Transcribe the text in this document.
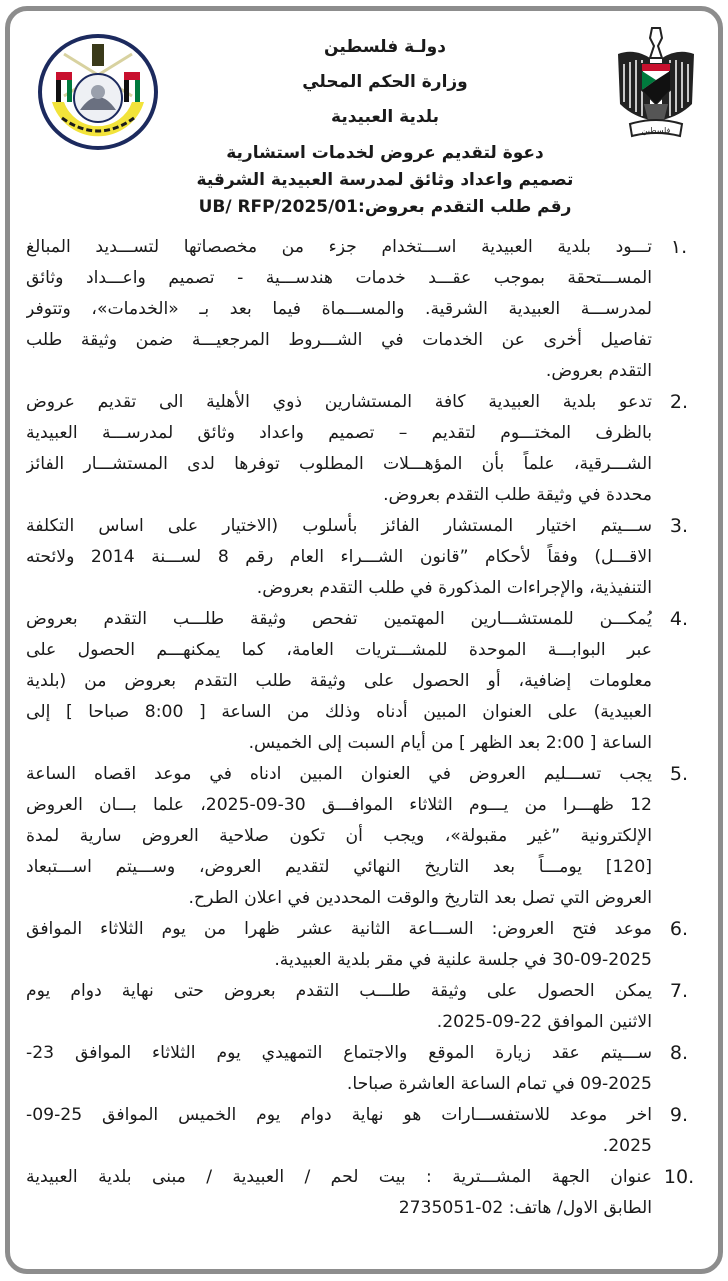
دولـة فلسطين
وزارة الحكم المحلي
بلدية العبيدية
فلسطين
دعوة لتقديم عروض لخدمات استشارية
تصميم واعداد وثائق لمدرسة العبيدية الشرقية
رقم طلب التقدم بعروض:UB/ RFP/2025/01
١.
تـــود بلدية العبيدية اســـتخدام جزء من مخصصاتها لتســـديد المبالغ
المســـتحقة بموجب عقـــد خدمات هندســـية - تصميم واعـــداد وثائق
لمدرســـة العبيدية الشرقية. والمســـماة فيما بعد بـ «الخدمات»، وتتوفر
تفاصيل أخرى عن الخدمات في الشـــروط المرجعيـــة ضمن وثيقة طلب
التقدم بعروض.
2.
تدعو بلدية العبيدية كافة المستشارين ذوي الأهلية الى تقديم عروض
بالظرف المختـــوم لتقديم – تصميم واعداد وثائق لمدرســـة العبيدية
الشـــرقية، علماً بأن المؤهـــلات المطلوب توفرها لدى المستشـــار الفائز
محددة في وثيقة طلب التقدم بعروض.
3.
ســـيتم اختيار المستشار الفائز بأسلوب (الاختيار على اساس التكلفة
الاقـــل) وفقاً لأحكام ”قانون الشـــراء العام رقم 8 لســـنة 2014 ولائحته
التنفيذية، والإجراءات المذكورة في طلب التقدم بعروض.
4.
يُمكـــن للمستشـــارين المهتمين تفحص وثيقة طلـــب التقدم بعروض
عبر البوابـــة الموحدة للمشـــتريات العامة، كما يمكنهـــم الحصول على
معلومات إضافية، أو الحصول على وثيقة طلب التقدم بعروض من (بلدية
العبيدية) على العنوان المبين أدناه وذلك من الساعة [ 8:00 صباحا ] إلى
الساعة [ 2:00 بعد الظهر ] من أيام السبت إلى الخميس.
5.
يجب تســـليم العروض في العنوان المبين ادناه في موعد اقصاه الساعة
12 ظهـــرا من يـــوم الثلاثاء الموافـــق 30-09-2025، علما بـــان العروض
الإلكترونية ”غير مقبولة»، ويجب أن تكون صلاحية العروض سارية لمدة
[120] يومـــاً بعد التاريخ النهائي لتقديم العروض، وســـيتم اســـتبعاد
العروض التي تصل بعد التاريخ والوقت المحددين في اعلان الطرح.
6.
موعد فتح العروض: الســـاعة الثانية عشر ظهرا من يوم الثلاثاء الموافق
30-09-2025 في جلسة علنية في مقر بلدية العبيدية.
7.
يمكن الحصول على وثيقة طلـــب التقدم بعروض حتى نهاية دوام يوم
الاثنين الموافق 22-09-2025.
8.
ســـيتم عقد زيارة الموقع والاجتماع التمهيدي يوم الثلاثاء الموافق 23-
09-2025 في تمام الساعة العاشرة صباحا.
9.
اخر موعد للاستفســـارات هو نهاية دوام يوم الخميس الموافق 25-09-
2025.
10.
عنوان الجهة المشـــترية : بيت لحم / العبيدية / مبنى بلدية العبيدية
الطابق الاول/ هاتف: 02-2735051
